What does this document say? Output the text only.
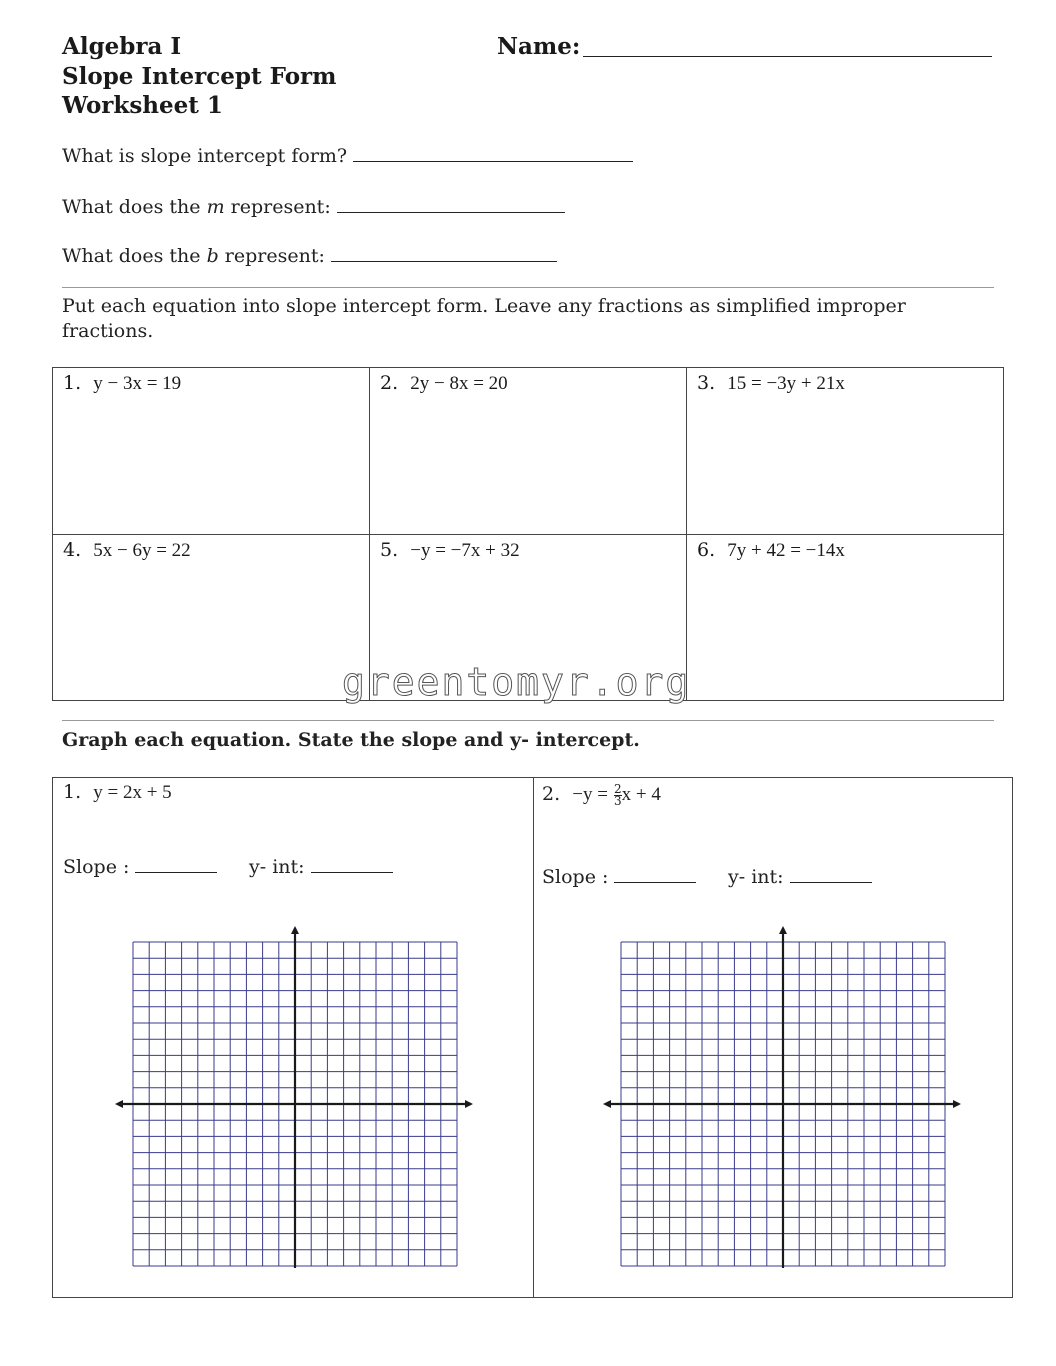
Algebra I
Slope Intercept Form
Worksheet 1
Name:
What is slope intercept form?
What does the m represent:
What does the b represent:
Put each equation into slope intercept form. Leave any fractions as simplified improper fractions.
1. y − 3x = 19	2. 2y − 8x = 20	3. 15 = −3y + 21x
4. 5x − 6y = 22	5. −y = −7x + 32	6. 7y + 42 = −14x
greentomyr.org
Graph each equation. State the slope and y- intercept.
1. y = 2x + 5
Slope :	y- int:
2. $-y = \frac{2}{3}$ x + 4
Slope :	y- int:
